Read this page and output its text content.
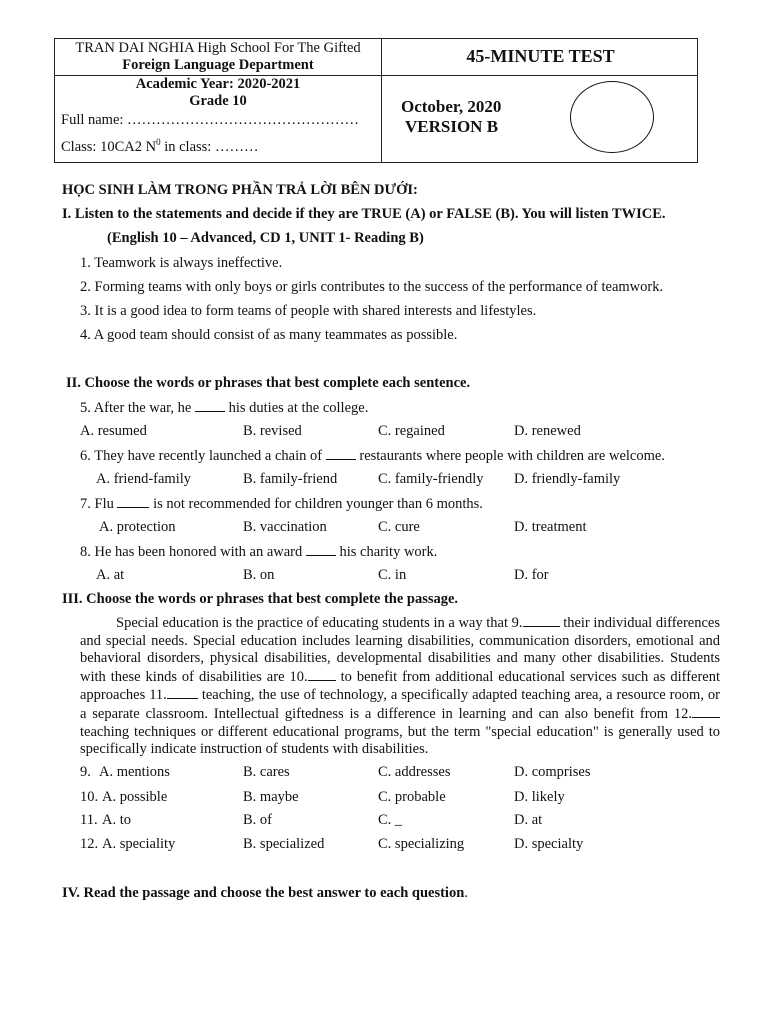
TRAN DAI NGHIA High School For The Gifted
Foreign Language Department
Academic Year: 2020-2021
Grade 10
Full name: …………………………………………
Class: 10CA2 $N^0$ in class: ………
45-MINUTE TEST
October, 2020
VERSION B
HỌC SINH LÀM TRONG PHẦN TRẢ LỜI BÊN DƯỚI:
I. Listen to the statements and decide if they are TRUE (A) or FALSE (B). You will listen TWICE.
(English 10 – Advanced, CD 1, UNIT 1- Reading B)
1. Teamwork is always ineffective.
2. Forming teams with only boys or girls contributes to the success of the performance of teamwork.
3. It is a good idea to form teams of people with shared interests and lifestyles.
4. A good team should consist of as many teammates as possible.
II. Choose the words or phrases that best complete each sentence.
5. After the war, he  his duties at the college.
A. resumed	B. revised	C. regained	D. renewed
6. They have recently launched a chain of  restaurants where people with children are welcome.
A. friend-family	B. family-friend	C. family-friendly D. friendly-family
7. Flu  is not recommended for children younger than 6 months.
A. protection	B. vaccination	C. cure	D. treatment
8. He has been honored with an award  his charity work.
A. at	B. on	C. in	D. for
III. Choose the words or phrases that best complete the passage.
Special education is the practice of educating students in a way that 9.	their individual differences and special needs. Special education includes learning disabilities, communication disorders, emotional and behavioral disorders, physical disabilities, developmental disabilities and many other disabilities. Students with these kinds of disabilities are 10. to benefit from additional educational services such as different approaches 11. teaching, the use of technology, a specifically adapted teaching area, a resource room, or a separate classroom. Intellectual giftedness is a difference in learning and can also benefit from 12. teaching techniques or different educational programs, but the term "special education" is generally used to specifically indicate instruction of students with disabilities.
9. A. mentions	B. cares	C. addresses	D. comprises
10. A. possible	B. maybe	C. probable	D. likely
11. A. to	B. of	C. _	D. at
12. A. speciality	B. specialized	C. specializing	D. specialty
IV. Read the passage and choose the best answer to each question.
